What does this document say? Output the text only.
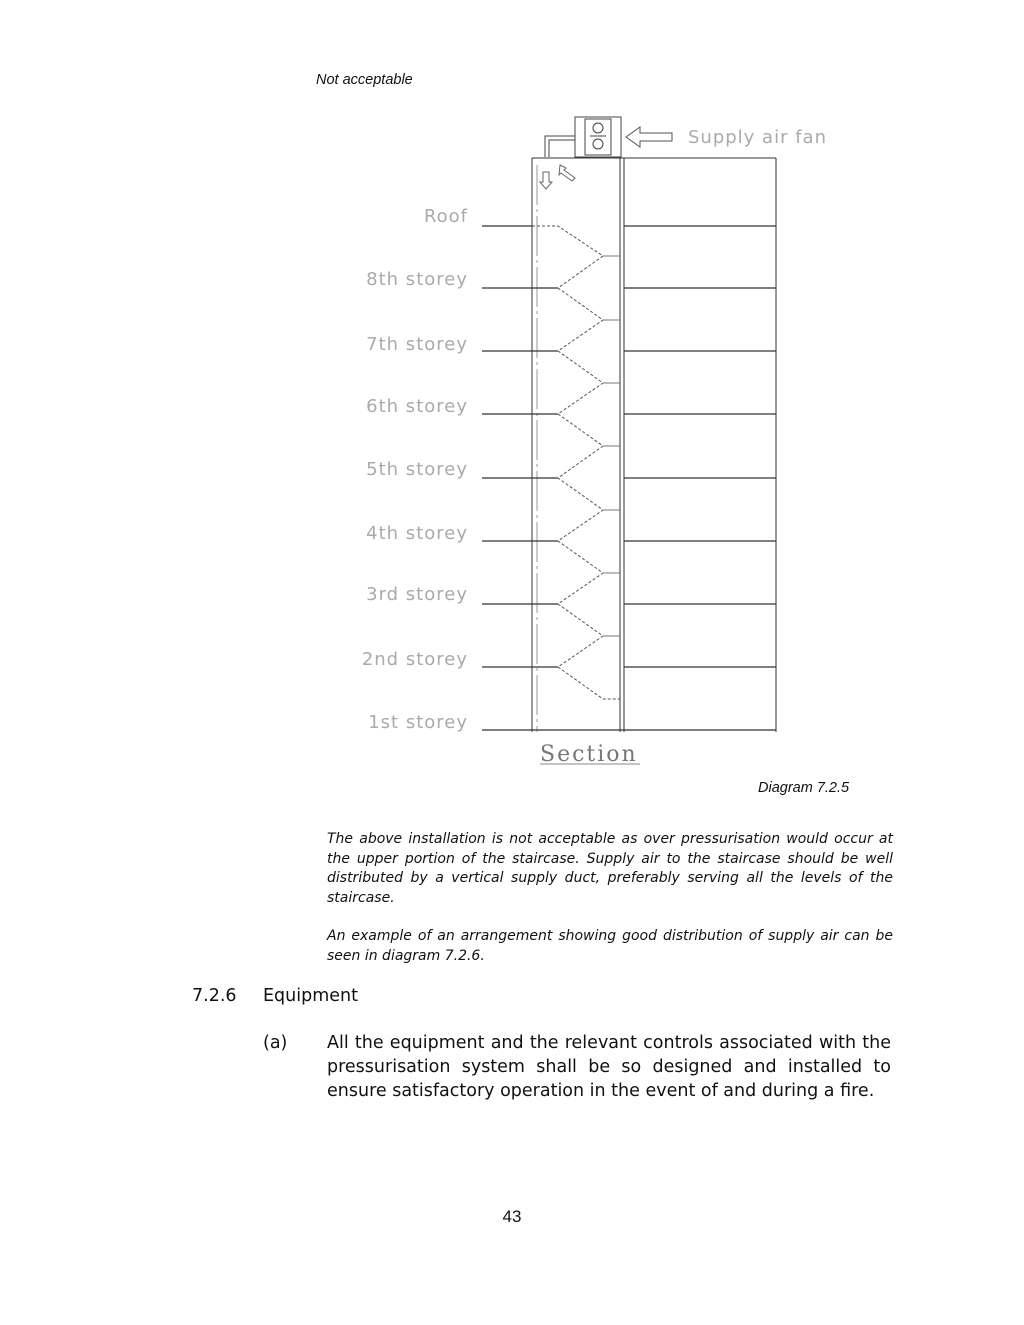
Not acceptable
Supply air fan
Roof
8th storey
7th storey
6th storey
5th storey
4th storey
3rd storey
2nd storey
1st storey
Section
Diagram 7.2.5
The above installation is not acceptable as over pressurisation would occur at the upper portion of the staircase. Supply air to the staircase should be well distributed by a vertical supply duct, preferably serving all the levels of the staircase.
An example of an arrangement showing good distribution of supply air can be seen in diagram 7.2.6.
7.2.6 Equipment
(a) All the equipment and the relevant controls associated with the pressurisation system shall be so designed and installed to ensure satisfactory operation in the event of and during a fire.
43
